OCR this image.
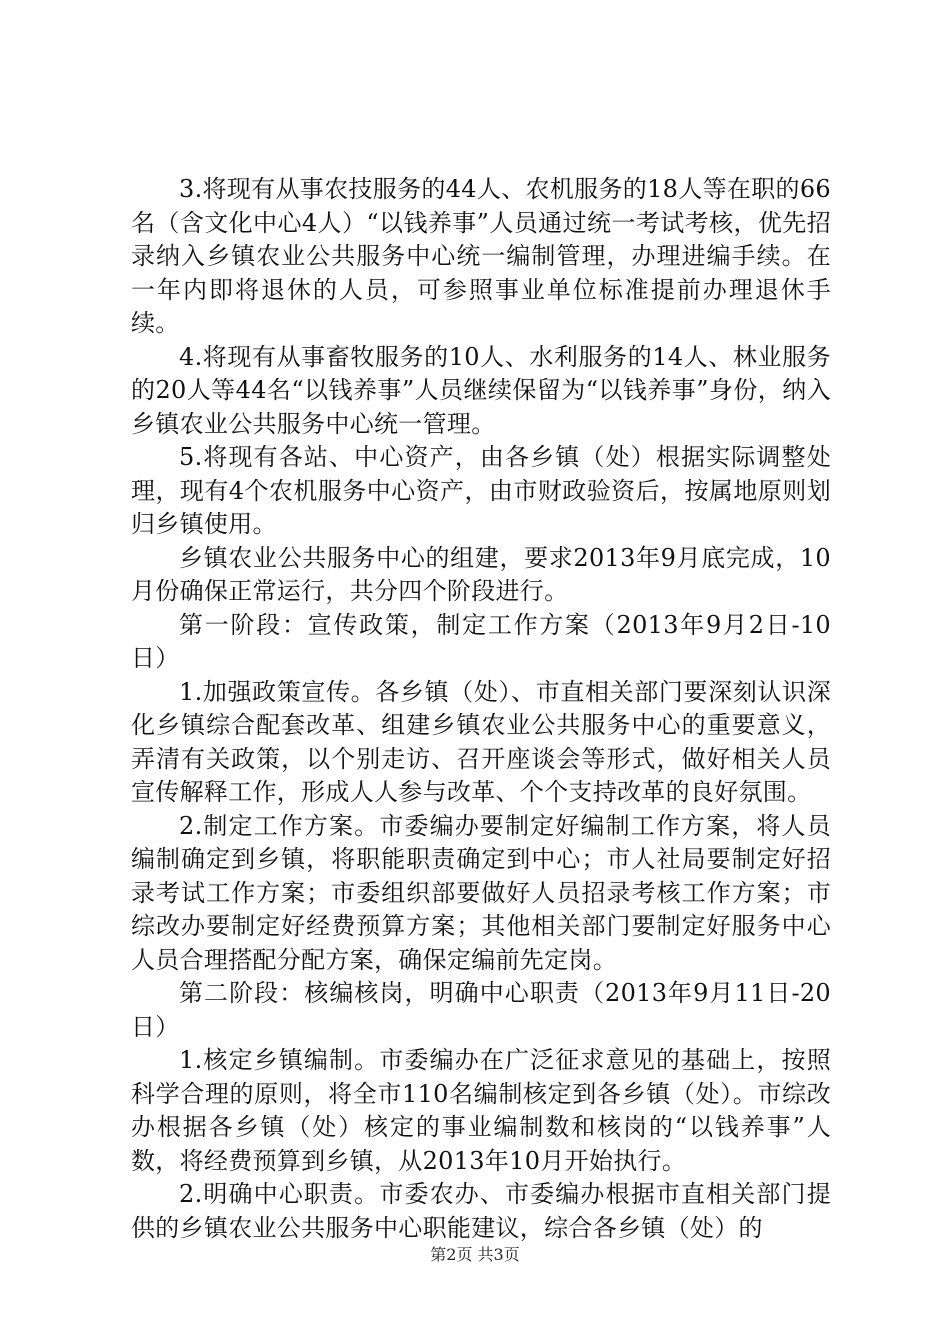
3.将现有从事农技服务的44人、农机服务的18人等在职的66名（含文化中心4人）“以钱养事”人员通过统一考试考核，优先招录纳入乡镇农业公共服务中心统一编制管理，办理进编手续。在一年内即将退休的人员，可参照事业单位标准提前办理退休手续。

4.将现有从事畜牧服务的10人、水利服务的14人、林业服务的20人等44名“以钱养事”人员继续保留为“以钱养事”身份，纳入乡镇农业公共服务中心统一管理。

5.将现有各站、中心资产，由各乡镇（处）根据实际调整处理，现有4个农机服务中心资产，由市财政验资后，按属地原则划归乡镇使用。

乡镇农业公共服务中心的组建，要求2013年9月底完成，10月份确保正常运行，共分四个阶段进行。

第一阶段：宣传政策，制定工作方案（2013年9月2日-10日）

1.加强政策宣传。各乡镇（处）、市直相关部门要深刻认识深化乡镇综合配套改革、组建乡镇农业公共服务中心的重要意义，弄清有关政策，以个别走访、召开座谈会等形式，做好相关人员宣传解释工作，形成人人参与改革、个个支持改革的良好氛围。

2.制定工作方案。市委编办要制定好编制工作方案，将人员编制确定到乡镇，将职能职责确定到中心；市人社局要制定好招录考试工作方案；市委组织部要做好人员招录考核工作方案；市综改办要制定好经费预算方案；其他相关部门要制定好服务中心人员合理搭配分配方案，确保定编前先定岗。

第二阶段：核编核岗，明确中心职责（2013年9月11日-20日）

1.核定乡镇编制。市委编办在广泛征求意见的基础上，按照科学合理的原则，将全市110名编制核定到各乡镇（处）。市综改办根据各乡镇（处）核定的事业编制数和核岗的“以钱养事”人数，将经费预算到乡镇，从2013年10月开始执行。

2.明确中心职责。市委农办、市委编办根据市直相关部门提供的乡镇农业公共服务中心职能建议，综合各乡镇（处）的

第2页 共3页
